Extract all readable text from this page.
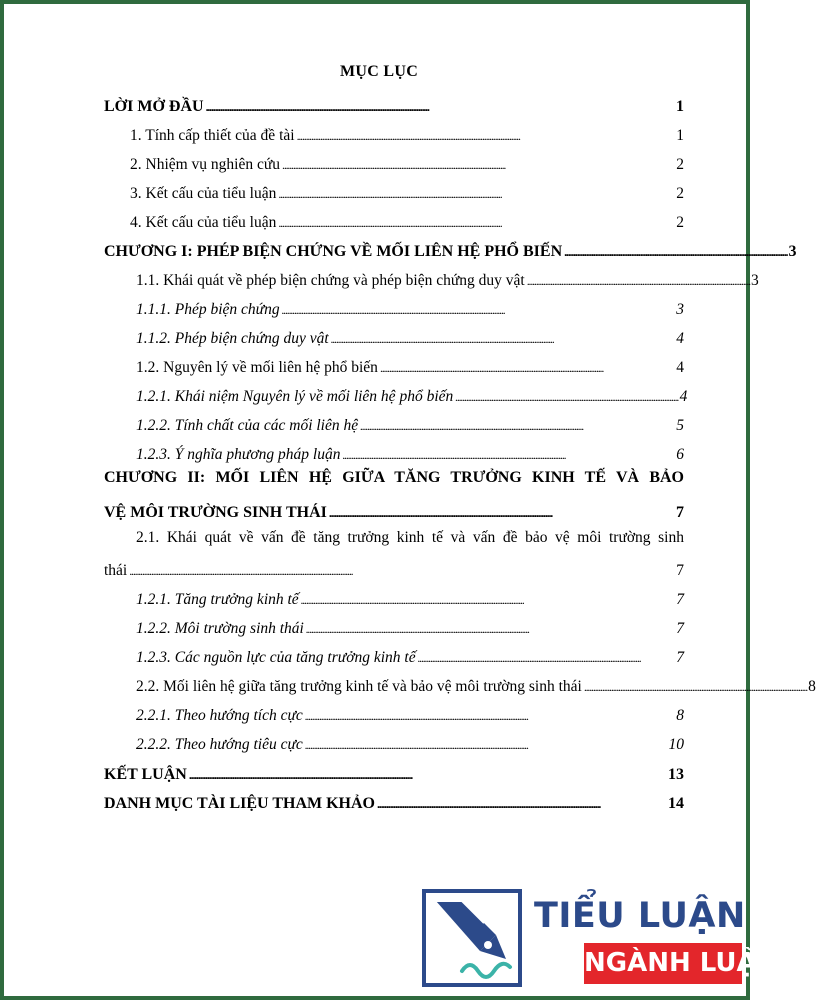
MỤC LỤC
LỜI MỞ ĐẦU . . .	1
1. Tính cấp thiết của đề tài . . .	1
2. Nhiệm vụ nghiên cứu . . .	2
3. Kết cấu của tiểu luận . . .	2
4. Kết cấu của tiểu luận . . .	2
CHƯƠNG I: PHÉP BIỆN CHỨNG VỀ MỐI LIÊN HỆ PHỔ BIẾN . . .	3
1.1. Khái quát về phép biện chứng và phép biện chứng duy vật . . .	3
1.1.1. Phép biện chứng . . .	3
1.1.2. Phép biện chứng duy vật . . .	4
1.2. Nguyên lý về mối liên hệ phổ biến . . .	4
1.2.1. Khái niệm Nguyên lý về mối liên hệ phổ biến . . .	4
1.2.2. Tính chất của các mối liên hệ . . .	5
1.2.3. Ý nghĩa phương pháp luận . . .	6
CHƯƠNG II: MỐI LIÊN HỆ GIỮA TĂNG TRƯỞNG KINH TẾ VÀ BẢO
VỆ MÔI TRƯỜNG SINH THÁI . . .	7
2.1. Khái quát về vấn đề tăng trưởng kinh tế và vấn đề bảo vệ môi trường sinh
thái . . .	7
1.2.1. Tăng trưởng kinh tế . . .	7
1.2.2. Môi trường sinh thái . . .	7
1.2.3. Các nguồn lực của tăng trưởng kinh tế . . .	7
2.2. Mối liên hệ giữa tăng trưởng kinh tế và bảo vệ môi trường sinh thái . . .	8
2.2.1. Theo hướng tích cực . . .	8
2.2.2. Theo hướng tiêu cực . . .	10
KẾT LUẬN . . .	13
DANH MỤC TÀI LIỆU THAM KHẢO . . .	14
TIỂU LUẬN
NGÀNH LUẬT
